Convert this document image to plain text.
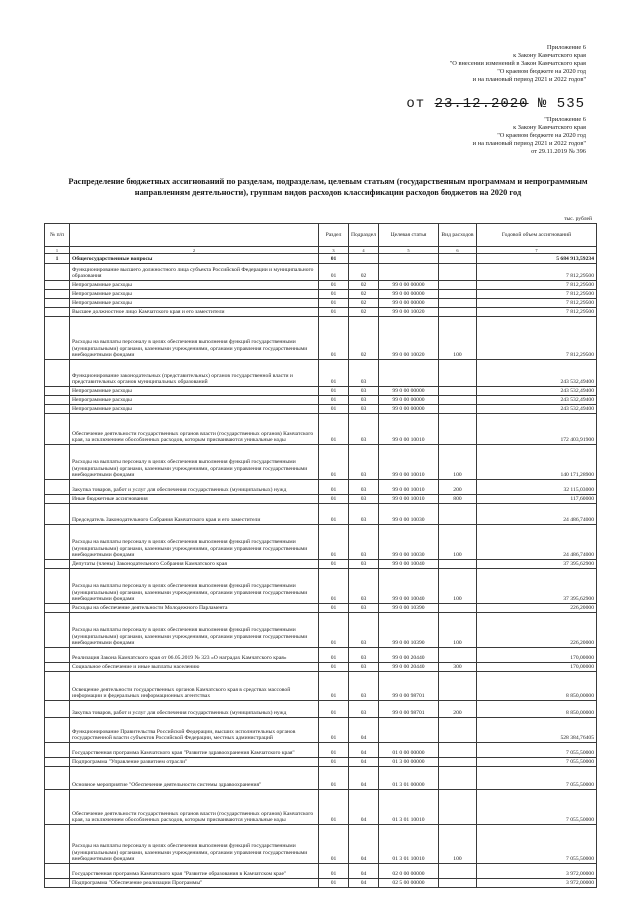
Приложение 6
к Закону Камчатского края
"О внесении изменений в Закон Камчатского края
"О краевом бюджете на 2020 год
и на плановый период 2021 и 2022 годов"
от 23.12.2020 № 535
"Приложение 6
к Закону Камчатского края
"О краевом бюджете на 2020 год
и на плановый период 2021 и 2022 годов"
от 29.11.2019 № 396
Распределение бюджетных ассигнований по разделам, подразделам, целевым статьям (государственным программам и непрограммным направлениям деятельности), группам видов расходов классификации расходов бюджетов на 2020 год
тыс. рублей
№ п/п		Раздел	Подраздел	Целевая статья	Вид расходов	Годовой объем ассигнований
1	2	3	4	5	6	7
1	Общегосударственные вопросы	01				5 684 913,59234
	Функционирование высшего должностного лица субъекта Российской Федерации и муниципального образования	01	02			7 812,29500
	Непрограммные расходы	01	02	99 0 00 00000		7 812,29500
	Непрограммные расходы	01	02	99 0 00 00000		7 812,29500
	Непрограммные расходы	01	02	99 0 00 00000		7 812,29500
	Высшее должностное лицо Камчатского края и его заместители	01	02	99 0 00 10020		7 812,29500
	Расходы на выплаты персоналу в целях обеспечения выполнения функций государственными (муниципальными) органами, казенными учреждениями, органами управления государственными внебюджетными фондами	01	02	99 0 00 10020	100	7 812,29500
	Функционирование законодательных (представительных) органов государственной власти и представительных органов муниципальных образований	01	03			243 532,49400
	Непрограммные расходы	01	03	99 0 00 00000		243 532,49400
	Непрограммные расходы	01	03	99 0 00 00000		243 532,49400
	Непрограммные расходы	01	03	99 0 00 00000		243 532,49400
	Обеспечение деятельности государственных органов власти (государственных органов) Камчатского края, за исключением обособленных расходов, которым присваиваются уникальные коды	01	03	99 0 00 10010		172 403,91900
	Расходы на выплаты персоналу в целях обеспечения выполнения функций государственными (муниципальными) органами, казенными учреждениями, органами управления государственными внебюджетными фондами	01	03	99 0 00 10010	100	140 171,28900
	Закупка товаров, работ и услуг для обеспечения государственных (муниципальных) нужд	01	03	99 0 00 10010	200	32 115,03000
	Иные бюджетные ассигнования	01	03	99 0 00 10010	800	117,60000
	Председатель Законодательного Собрания Камчатского края и его заместители	01	03	99 0 00 10030		24 486,74000
	Расходы на выплаты персоналу в целях обеспечения выполнения функций государственными (муниципальными) органами, казенными учреждениями, органами управления государственными внебюджетными фондами	01	03	99 0 00 10030	100	24 486,74000
	Депутаты (члены) Законодательного Собрания Камчатского края	01	03	99 0 00 10040		37 395,62900
	Расходы на выплаты персоналу в целях обеспечения выполнения функций государственными (муниципальными) органами, казенными учреждениями, органами управления государственными внебюджетными фондами	01	03	99 0 00 10040	100	37 395,62900
	Расходы на обеспечение деятельности Молодежного Парламента	01	03	99 0 00 10390		226,20000
	Расходы на выплаты персоналу в целях обеспечения выполнения функций государственными (муниципальными) органами, казенными учреждениями, органами управления государственными внебюджетными фондами	01	03	99 0 00 10390	100	226,20000
	Реализация Закона Камчатского края от 06.05.2019 № 323 «О наградах Камчатского края»	01	03	99 0 00 20440		170,00000
	Социальное обеспечение и иные выплаты населению	01	03	99 0 00 20440	300	170,00000
	Освещение деятельности государственных органов Камчатского края в средствах массовой информации и федеральных информационных агентствах	01	03	99 0 00 98701		8 850,00000
	Закупка товаров, работ и услуг для обеспечения государственных (муниципальных) нужд	01	03	99 0 00 98701	200	8 850,00000
	Функционирование Правительства Российской Федерации, высших исполнительных органов государственной власти субъектов Российской Федерации, местных администраций	01	04			528 384,76405
	Государственная программа Камчатского края "Развитие здравоохранения Камчатского края"	01	04	01 0 00 00000		7 055,50000
	Подпрограмма "Управление развитием отрасли"	01	04	01 3 00 00000		7 055,50000
	Основное мероприятие "Обеспечение деятельности системы здравоохранения"	01	04	01 3 01 00000		7 055,50000
	Обеспечение деятельности государственных органов власти (государственных органов) Камчатского края, за исключением обособленных расходов, которым присваиваются уникальные коды	01	04	01 3 01 10010		7 055,50000
	Расходы на выплаты персоналу в целях обеспечения выполнения функций государственными (муниципальными) органами, казенными учреждениями, органами управления государственными внебюджетными фондами	01	04	01 3 01 10010	100	7 055,50000
	Государственная программа Камчатского края "Развитие образования в Камчатском крае"	01	04	02 0 00 00000		3 972,00000
	Подпрограмма "Обеспечение реализации Программы"	01	04	02 5 00 00000		3 972,00000
